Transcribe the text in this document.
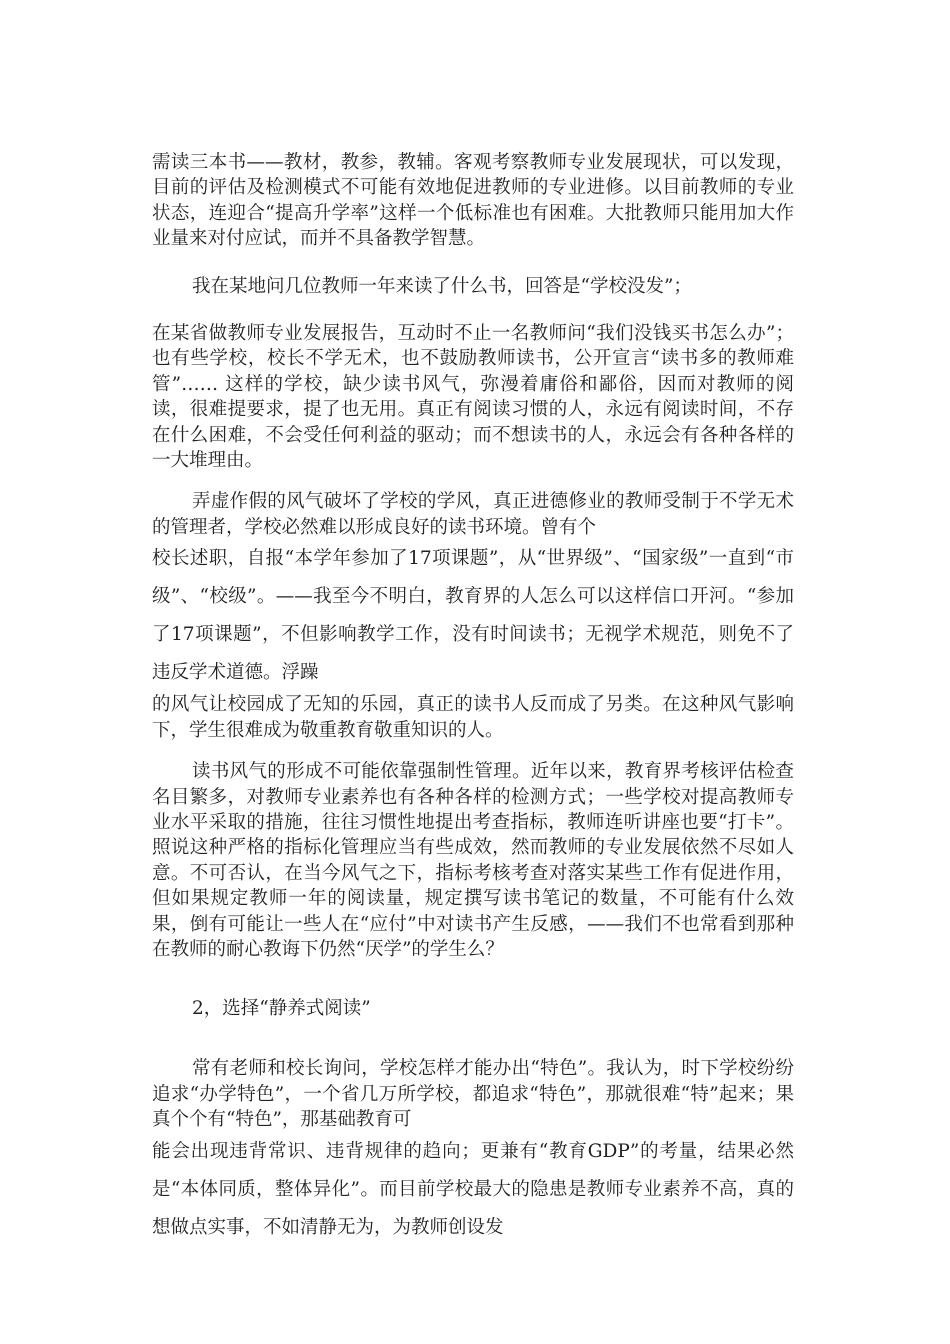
需读三本书——教材，教参，教辅。客观考察教师专业发展现状，可以发现，目前的评估及检测模式不可能有效地促进教师的专业进修。以目前教师的专业状态，连迎合“提高升学率”这样一个低标准也有困难。大批教师只能用加大作业量来对付应试，而并不具备教学智慧。

我在某地问几位教师一年来读了什么书，回答是“学校没发”；

在某省做教师专业发展报告，互动时不止一名教师问“我们没钱买书怎么办”；也有些学校，校长不学无术，也不鼓励教师读书，公开宣言“读书多的教师难管”…… 这样的学校，缺少读书风气，弥漫着庸俗和鄙俗，因而对教师的阅读，很难提要求，提了也无用。真正有阅读习惯的人，永远有阅读时间，不存在什么困难，不会受任何利益的驱动；而不想读书的人，永远会有各种各样的一大堆理由。

弄虚作假的风气破坏了学校的学风，真正进德修业的教师受制于不学无术的管理者，学校必然难以形成良好的读书环境。曾有个

校长述职，自报“本学年参加了17项课题”，从“世界级”、“国家级”一直到“市级”、“校级”。——我至今不明白，教育界的人怎么可以这样信口开河。“参加了17项课题”，不但影响教学工作，没有时间读书；无视学术规范，则免不了违反学术道德。浮躁

的风气让校园成了无知的乐园，真正的读书人反而成了另类。在这种风气影响下，学生很难成为敬重教育敬重知识的人。

读书风气的形成不可能依靠强制性管理。近年以来，教育界考核评估检查名目繁多，对教师专业素养也有各种各样的检测方式；一些学校对提高教师专业水平采取的措施，往往习惯性地提出考查指标，教师连听讲座也要“打卡”。照说这种严格的指标化管理应当有些成效，然而教师的专业发展依然不尽如人意。不可否认，在当今风气之下，指标考核考查对落实某些工作有促进作用，但如果规定教师一年的阅读量，规定撰写读书笔记的数量，不可能有什么效果，倒有可能让一些人在“应付”中对读书产生反感，——我们不也常看到那种在教师的耐心教诲下仍然“厌学”的学生么？

2，选择“静养式阅读”

常有老师和校长询问，学校怎样才能办出“特色”。我认为，时下学校纷纷追求“办学特色”，一个省几万所学校，都追求“特色”，那就很难“特”起来；果真个个有“特色”，那基础教育可

能会出现违背常识、违背规律的趋向；更兼有“教育GDP”的考量，结果必然是“本体同质，整体异化”。而目前学校最大的隐患是教师专业素养不高，真的想做点实事，不如清静无为，为教师创设发
